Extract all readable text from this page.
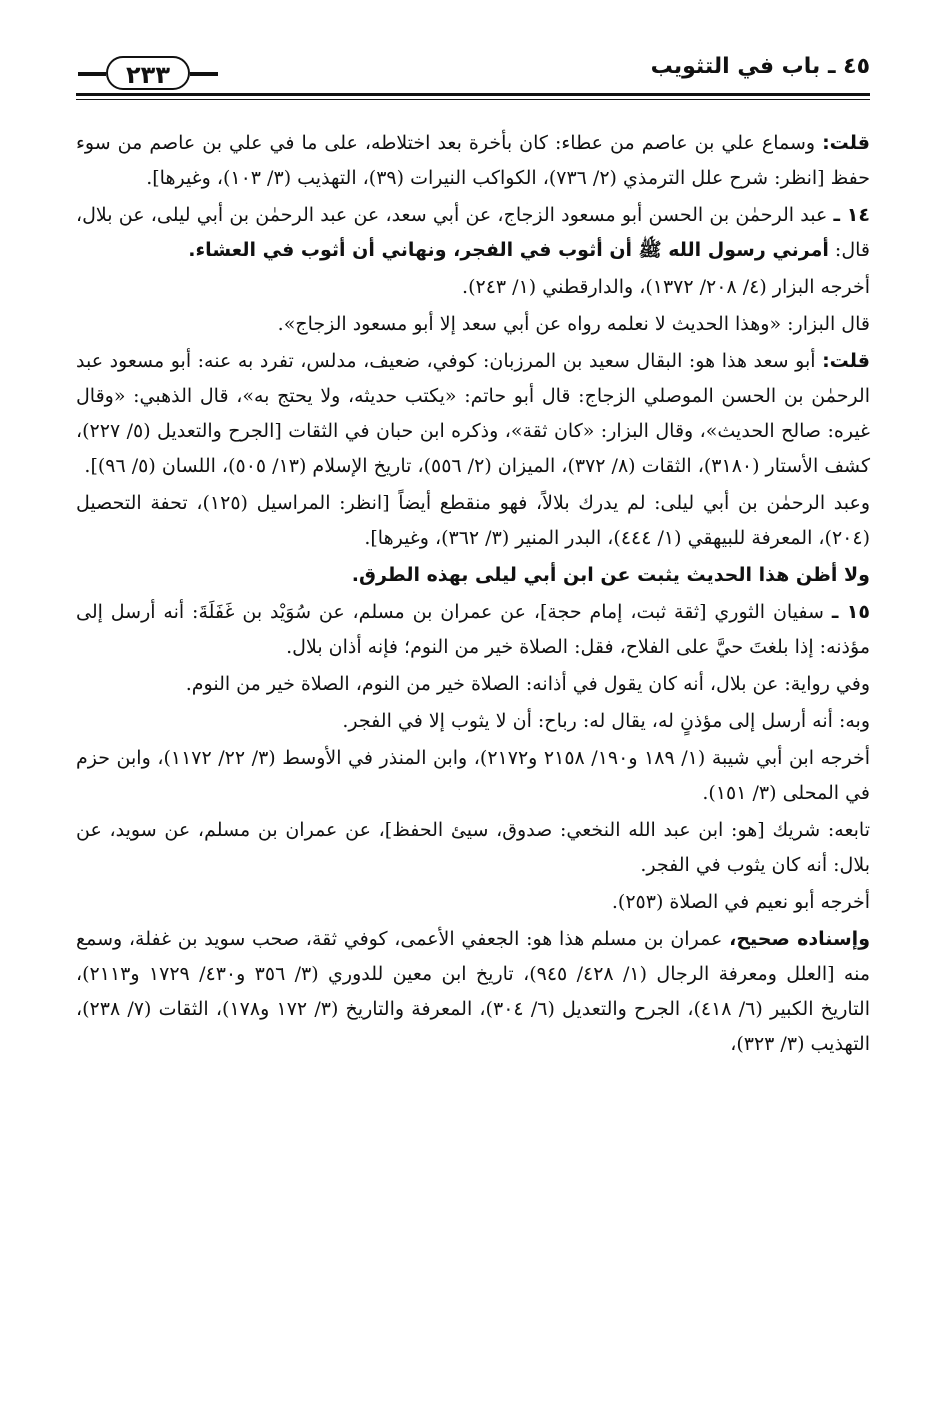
٤٥ ـ باب في التثويب
٢٣٣

قلت: وسماع علي بن عاصم من عطاء: كان بأخرة بعد اختلاطه، على ما في علي بن عاصم من سوء حفظ [انظر: شرح علل الترمذي (٢/ ٧٣٦)، الكواكب النيرات (٣٩)، التهذيب (٣/ ١٠٣)، وغيرها].

١٤ ـ عبد الرحمٰن بن الحسن أبو مسعود الزجاج، عن أبي سعد، عن عبد الرحمٰن بن أبي ليلى، عن بلال، قال: أمرني رسول الله ﷺ أن أثوب في الفجر، ونهاني أن أثوب في العشاء.

أخرجه البزار (٤/ ٢٠٨/ ١٣٧٢)، والدارقطني (١/ ٢٤٣).

قال البزار: «وهذا الحديث لا نعلمه رواه عن أبي سعد إلا أبو مسعود الزجاج».

قلت: أبو سعد هذا هو: البقال سعيد بن المرزبان: كوفي، ضعيف، مدلس، تفرد به عنه: أبو مسعود عبد الرحمٰن بن الحسن الموصلي الزجاج: قال أبو حاتم: «يكتب حديثه، ولا يحتج به»، قال الذهبي: «وقال غيره: صالح الحديث»، وقال البزار: «كان ثقة»، وذكره ابن حبان في الثقات [الجرح والتعديل (٥/ ٢٢٧)، كشف الأستار (٣١٨٠)، الثقات (٨/ ٣٧٢)، الميزان (٢/ ٥٥٦)، تاريخ الإسلام (١٣/ ٥٠٥)، اللسان (٥/ ٩٦)].

وعبد الرحمٰن بن أبي ليلى: لم يدرك بلالاً، فهو منقطع أيضاً [انظر: المراسيل (١٢٥)، تحفة التحصيل (٢٠٤)، المعرفة للبيهقي (١/ ٤٤٤)، البدر المنير (٣/ ٣٦٢)، وغيرها].

ولا أظن هذا الحديث يثبت عن ابن أبي ليلى بهذه الطرق.

١٥ ـ سفيان الثوري [ثقة ثبت، إمام حجة]، عن عمران بن مسلم، عن سُوَيْد بن غَفَلَةَ: أنه أرسل إلى مؤذنه: إذا بلغتَ حيَّ على الفلاح، فقل: الصلاة خير من النوم؛ فإنه أذان بلال.

وفي رواية: عن بلال، أنه كان يقول في أذانه: الصلاة خير من النوم، الصلاة خير من النوم.

وبه: أنه أرسل إلى مؤذنٍ له، يقال له: رباح: أن لا يثوب إلا في الفجر.

أخرجه ابن أبي شيبة (١/ ١٨٩ و١٩٠/ ٢١٥٨ و٢١٧٢)، وابن المنذر في الأوسط (٣/ ٢٢/ ١١٧٢)، وابن حزم في المحلى (٣/ ١٥١).

تابعه: شريك [هو: ابن عبد الله النخعي: صدوق، سيئ الحفظ]، عن عمران بن مسلم، عن سويد، عن بلال: أنه كان يثوب في الفجر.

أخرجه أبو نعيم في الصلاة (٢٥٣).

وإسناده صحيح، عمران بن مسلم هذا هو: الجعفي الأعمى، كوفي ثقة، صحب سويد بن غفلة، وسمع منه [العلل ومعرفة الرجال (١/ ٤٢٨/ ٩٤٥)، تاريخ ابن معين للدوري (٣/ ٣٥٦ و٤٣٠/ ١٧٢٩ و٢١١٣)، التاريخ الكبير (٦/ ٤١٨)، الجرح والتعديل (٦/ ٣٠٤)، المعرفة والتاريخ (٣/ ١٧٢ و١٧٨)، الثقات (٧/ ٢٣٨)، التهذيب (٣/ ٣٢٣)،
